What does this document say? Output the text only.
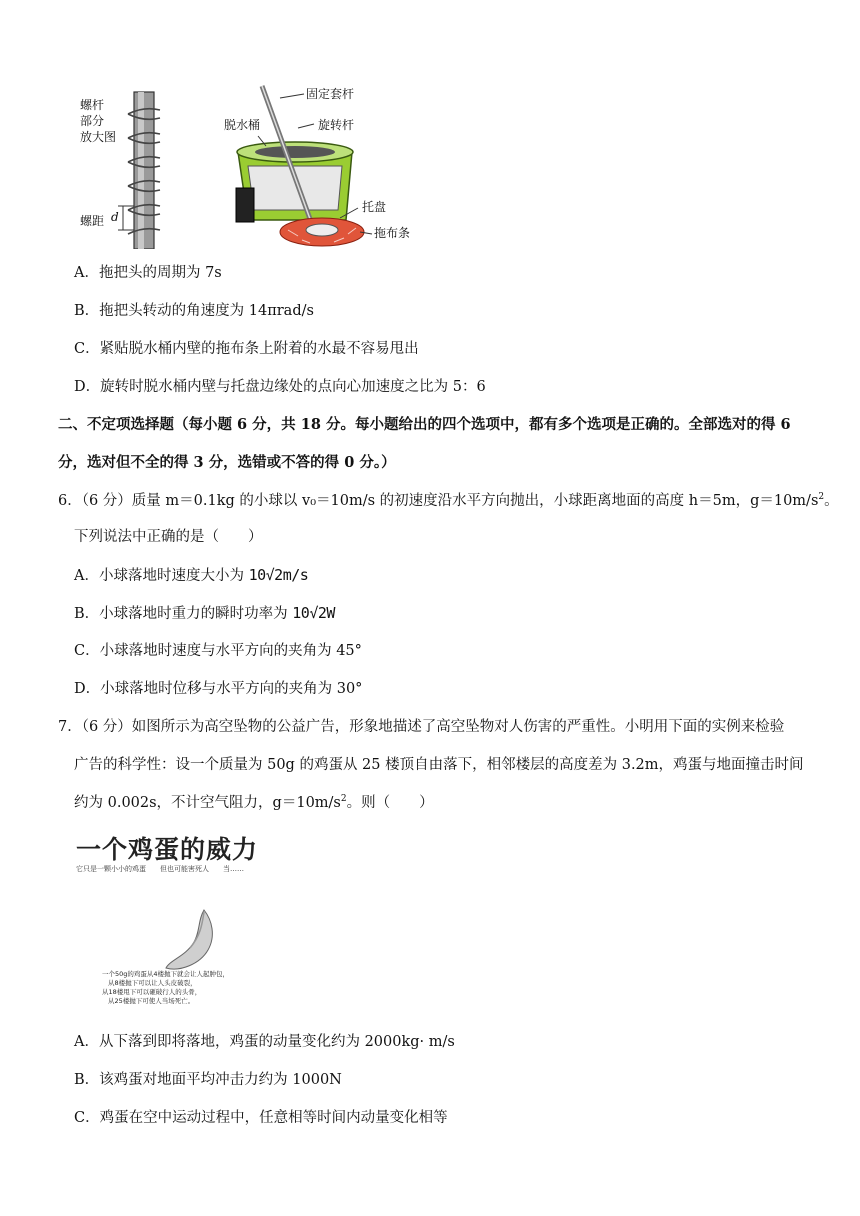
螺杆
部分
放大图
螺距 d
固定套杆
脱水桶	旋转杆
托盘
拖布条
A．拖把头的周期为 7s
B．拖把头转动的角速度为 14πrad/s
C．紧贴脱水桶内壁的拖布条上附着的水最不容易甩出
D．旋转时脱水桶内壁与托盘边缘处的点向心加速度之比为 5：6
二、不定项选择题（每小题 6 分，共 18 分。每小题给出的四个选项中，都有多个选项是正确的。全部选对的得 6
分，选对但不全的得 3 分，选错或不答的得 0 分。）
6．（6 分）质量 m＝0.1kg 的小球以 v₀＝10m/s 的初速度沿水平方向抛出，小球距离地面的高度 h＝5m，$g=10m/s^2$。
下列说法中正确的是（　　）
A．小球落地时速度大小为 10√2m/s
B．小球落地时重力的瞬时功率为 10√2W
C．小球落地时速度与水平方向的夹角为 45°
D．小球落地时位移与水平方向的夹角为 30°
7．（6 分）如图所示为高空坠物的公益广告，形象地描述了高空坠物对人伤害的严重性。小明用下面的实例来检验
广告的科学性：设一个质量为 50g 的鸡蛋从 25 楼顶自由落下，相邻楼层的高度差为 3.2m，鸡蛋与地面撞击时间
约为 0.002s，不计空气阻力，$g=10m/s^2$。则（　　）
一个鸡蛋的威力
它只是一颗小小的鸡蛋　　但也可能害死人　　当……
一个50g的鸡蛋从4楼抛下就会让人起肿包，
从8楼抛下可以让人头皮破裂，
从18楼甩下可以砸破行人的头骨，
从25楼抛下可使人当场死亡。
A．从下落到即将落地，鸡蛋的动量变化约为 2000kg· m/s
B．该鸡蛋对地面平均冲击力约为 1000N
C．鸡蛋在空中运动过程中，任意相等时间内动量变化相等
